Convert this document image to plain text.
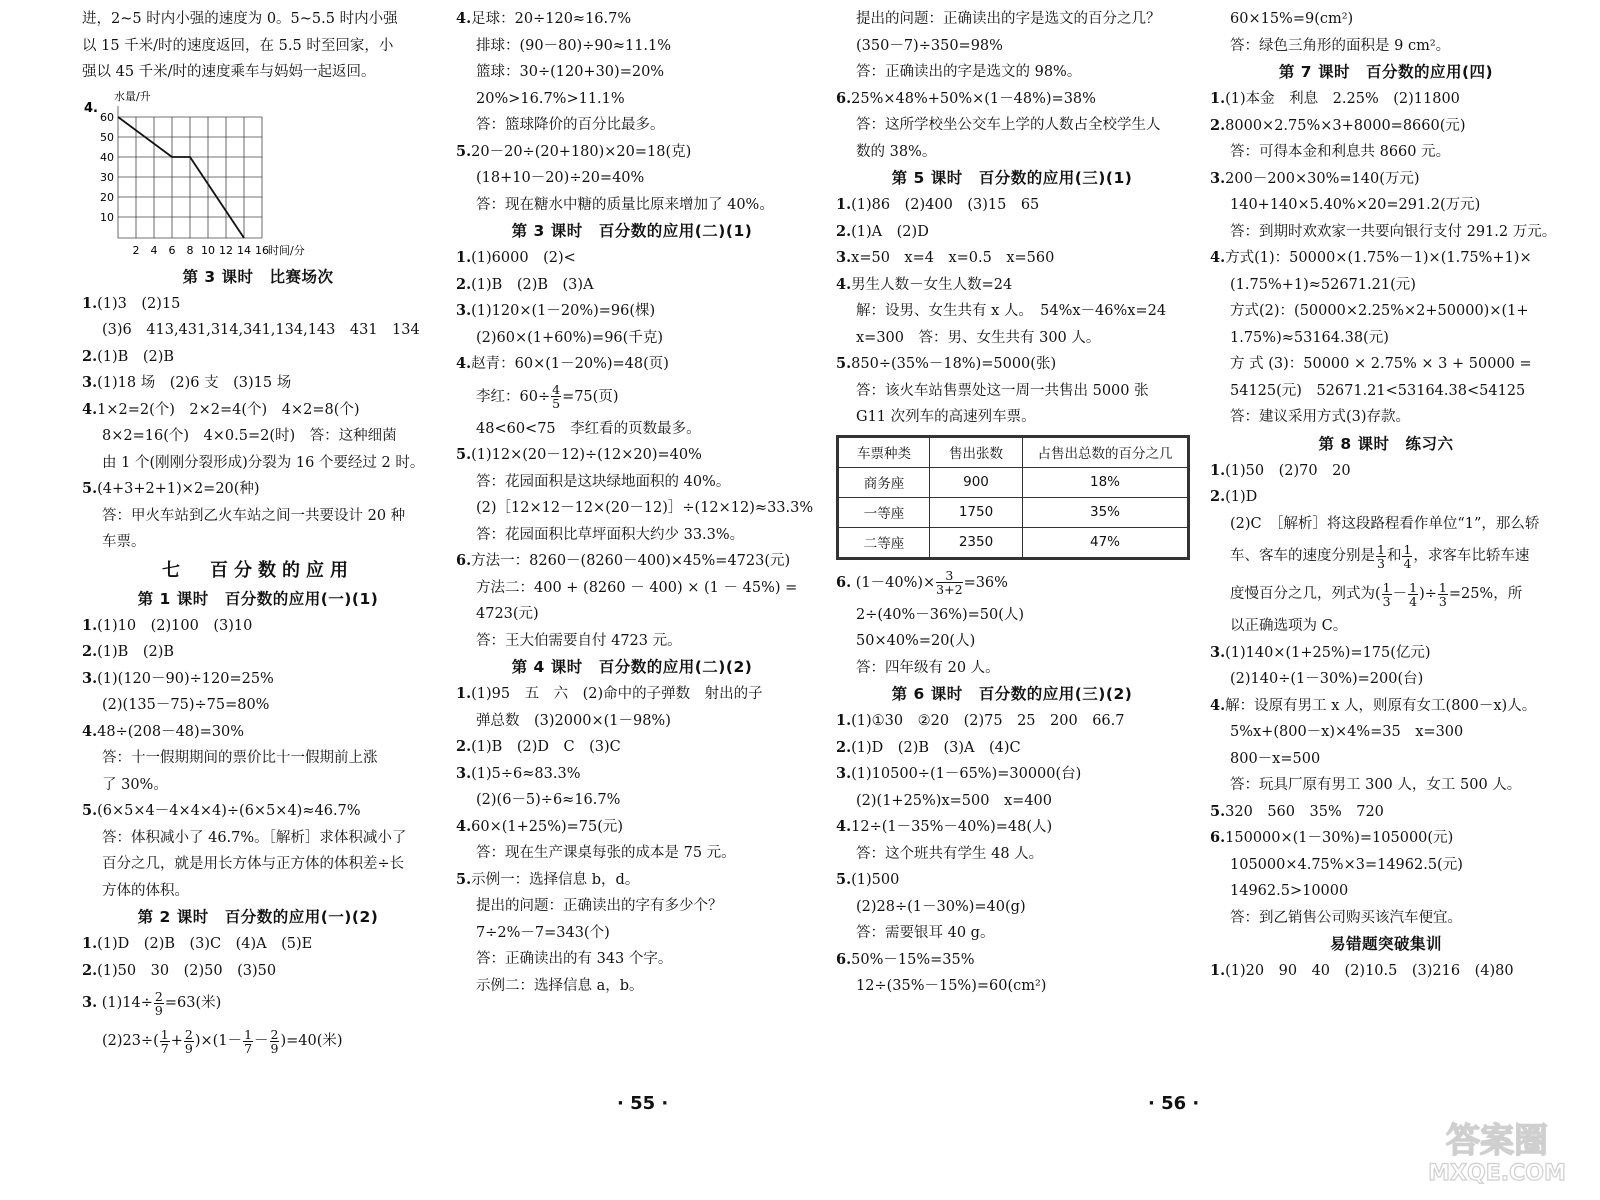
进，2~5 时内小强的速度为 0。5~5.5 时内小强
以 15 千米/时的速度返回，在 5.5 时至回家，小
强以 45 千米/时的速度乘车与妈妈一起返回。
4.
水量/升
60
50
40
30
20
10
2 4 6 8 10 12 14 16 时间/分
第 3 课时　比赛场次
1.(1)3　(2)15
(3)6　413,431,314,341,134,143　431　134
2.(1)B　(2)B
3.(1)18 场　(2)6 支　(3)15 场
4.1×2=2(个)　2×2=4(个)　4×2=8(个)
8×2=16(个)　4×0.5=2(时)　答：这种细菌
由 1 个(刚刚分裂形成)分裂为 16 个要经过 2 时。
5.(4+3+2+1)×2=20(种)
答：甲火车站到乙火车站之间一共要设计 20 种
车票。
七　百分数的应用
第 1 课时　百分数的应用(一)(1)
1.(1)10　(2)100　(3)10
2.(1)B　(2)B
3.(1)(120－90)÷120=25%
(2)(135－75)÷75=80%
4.48÷(208－48)=30%
答：十一假期期间的票价比十一假期前上涨
了 30%。
5.(6×5×4－4×4×4)÷(6×5×4)≈46.7%
答：体积减小了 46.7%。［解析］求体积减小了
百分之几，就是用长方体与正方体的体积差÷长
方体的体积。
第 2 课时　百分数的应用(一)(2)
1.(1)D　(2)B　(3)C　(4)A　(5)E
2.(1)50　30　(2)50　(3)50
3. $(1)14\div \frac{2}{9} =63$(米)
$(2)23\div( \frac{1}{7} + \frac{2}{9} )\times(1- \frac{1}{7} - \frac{2}{9} )=40$(米)
4.足球：20÷120≈16.7%
排球：(90－80)÷90≈11.1%
篮球：30÷(120+30)=20%
20%>16.7%>11.1%
答：篮球降价的百分比最多。
5.20－20÷(20+180)×20=18(克)
(18+10－20)÷20=40%
答：现在糖水中糖的质量比原来增加了 40%。
第 3 课时　百分数的应用(二)(1)
1.(1)6000　(2)<
2.(1)B　(2)B　(3)A
3.(1)120×(1－20%)=96(棵)
(2)60×(1+60%)=96(千克)
4.赵青：60×(1－20%)=48(页)
李红：$60\div \frac{4}{5} =75$(页)
48<60<75　李红看的页数最多。
5.(1)12×(20－12)÷(12×20)=40%
答：花园面积是这块绿地面积的 40%。
(2)［12×12－12×(20－12)］÷(12×12)≈33.3%
答：花园面积比草坪面积大约少 33.3%。
6.方法一：8260－(8260－400)×45%=4723(元)
方法二：400 + (8260 － 400) × (1 － 45%) =
4723(元)
答：王大伯需要自付 4723 元。
第 4 课时　百分数的应用(二)(2)
1.(1)95　五　六　(2)命中的子弹数　射出的子
弹总数　(3)2000×(1－98%)
2.(1)B　(2)D　C　(3)C
3.(1)5÷6≈83.3%
(2)(6－5)÷6≈16.7%
4.60×(1+25%)=75(元)
答：现在生产课桌每张的成本是 75 元。
5.示例一：选择信息 b，d。
提出的问题：正确读出的字有多少个？
7÷2%－7=343(个)
答：正确读出的有 343 个字。
示例二：选择信息 a，b。
· 55 ·
提出的问题：正确读出的字是选文的百分之几？
(350－7)÷350=98%
答：正确读出的字是选文的 98%。
6.25%×48%+50%×(1－48%)=38%
答：这所学校坐公交车上学的人数占全校学生人
数的 38%。
第 5 课时　百分数的应用(三)(1)
1.(1)86　(2)400　(3)15　65
2.(1)A　(2)D
3.x=50　x=4　x=0.5　x=560
4.男生人数－女生人数=24
解：设男、女生共有 x 人。　54%x－46%x=24
x=300　答：男、女生共有 300 人。
5.850÷(35%－18%)=5000(张)
答：该火车站售票处这一周一共售出 5000 张
G11 次列车的高速列车票。
车票种类	售出张数	占售出总数的百分之几
商务座	900	18%
一等座	1750	35%
二等座	2350	47%
6. $(1-40\%)\times \frac{3}{3+2} =36\%$
2÷(40%－36%)=50(人)
50×40%=20(人)
答：四年级有 20 人。
第 6 课时　百分数的应用(三)(2)
1.(1)①30　②20　(2)75　25　200　66.7
2.(1)D　(2)B　(3)A　(4)C
3.(1)10500÷(1－65%)=30000(台)
(2)(1+25%)x=500　x=400
4.12÷(1－35%－40%)=48(人)
答：这个班共有学生 48 人。
5.(1)500
(2)28÷(1－30%)=40(g)
答：需要银耳 40 g。
6.50%－15%=35%
12÷(35%－15%)=60(cm²)
60×15%=9(cm²)
答：绿色三角形的面积是 9 cm²。
第 7 课时　百分数的应用(四)
1.(1)本金　利息　2.25%　(2)11800
2.8000×2.75%×3+8000=8660(元)
答：可得本金和利息共 8660 元。
3.200－200×30%=140(万元)
140+140×5.40%×20=291.2(万元)
答：到期时欢欢家一共要向银行支付 291.2 万元。
4.方式(1)：50000×(1.75%－1)×(1.75%+1)×
(1.75%+1)≈52671.21(元)
方式(2)：(50000×2.25%×2+50000)×(1+
1.75%)≈53164.38(元)
方 式 (3)：50000 × 2.75% × 3 + 50000 =
54125(元)　52671.21<53164.38<54125
答：建议采用方式(3)存款。
第 8 课时　练习六
1.(1)50　(2)70　20
2.(1)D
(2)C　［解析］将这段路程看作单位“1”，那么轿
车、客车的速度分别是 $\frac{1}{3}$ 和 $\frac{1}{4}$ ，求客车比轿车速
度慢百分之几，列式为( $\frac{1}{3} - \frac{1}{4}$ )÷ $\frac{1}{3} =25\%$，所
以正确选项为 C。
3.(1)140×(1+25%)=175(亿元)
(2)140÷(1－30%)=200(台)
4.解：设原有男工 x 人，则原有女工(800－x)人。
5%x+(800－x)×4%=35　x=300
800－x=500
答：玩具厂原有男工 300 人，女工 500 人。
5.320　560　35%　720
6.150000×(1－30%)=105000(元)
105000×4.75%×3=14962.5(元)
14962.5>10000
答：到乙销售公司购买该汽车便宜。
易错题突破集训
1.(1)20　90　40　(2)10.5　(3)216　(4)80
· 56 ·
答案圈
MXQE.COM
